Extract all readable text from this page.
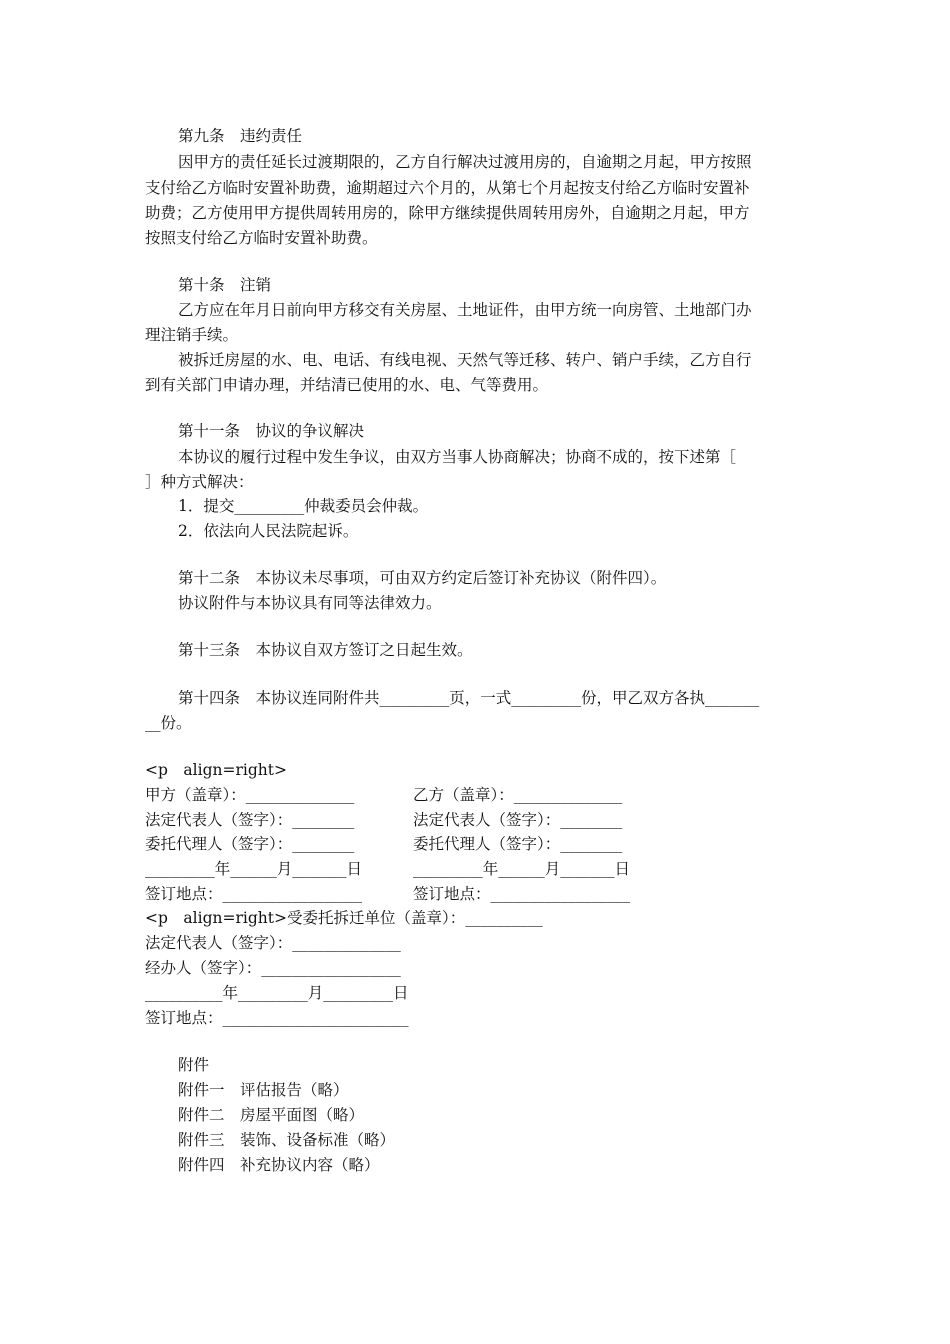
第九条　违约责任
因甲方的责任延长过渡期限的，乙方自行解决过渡用房的，自逾期之月起，甲方按照
支付给乙方临时安置补助费，逾期超过六个月的，从第七个月起按支付给乙方临时安置补
助费；乙方使用甲方提供周转用房的，除甲方继续提供周转用房外，自逾期之月起，甲方
按照支付给乙方临时安置补助费。
第十条　注销
乙方应在年月日前向甲方移交有关房屋、土地证件，由甲方统一向房管、土地部门办
理注销手续。
被拆迁房屋的水、电、电话、有线电视、天然气等迁移、转户、销户手续，乙方自行
到有关部门申请办理，并结清已使用的水、电、气等费用。
第十一条　协议的争议解决
本协议的履行过程中发生争议，由双方当事人协商解决；协商不成的，按下述第［
］种方式解决：
1．提交_________仲裁委员会仲裁。
2．依法向人民法院起诉。
第十二条　本协议未尽事项，可由双方约定后签订补充协议（附件四）。
协议附件与本协议具有同等法律效力。
第十三条　本协议自双方签订之日起生效。
第十四条　本协议连同附件共_________页，一式_________份，甲乙双方各执_______
__份。
<p　align=right>
甲方（盖章）：______________	乙方（盖章）：______________
法定代表人（签字）：________	法定代表人（签字）：________
委托代理人（签字）：________	委托代理人（签字）：________
_________年______月_______日	_________年______月_______日
签订地点：__________________	签订地点：__________________
<p　align=right>受委托拆迁单位（盖章）：__________
法定代表人（签字）：______________
经办人（签字）：__________________
__________年_________月_________日
签订地点：________________________
附件
附件一　评估报告（略）
附件二　房屋平面图（略）
附件三　装饰、设备标准（略）
附件四　补充协议内容（略）
